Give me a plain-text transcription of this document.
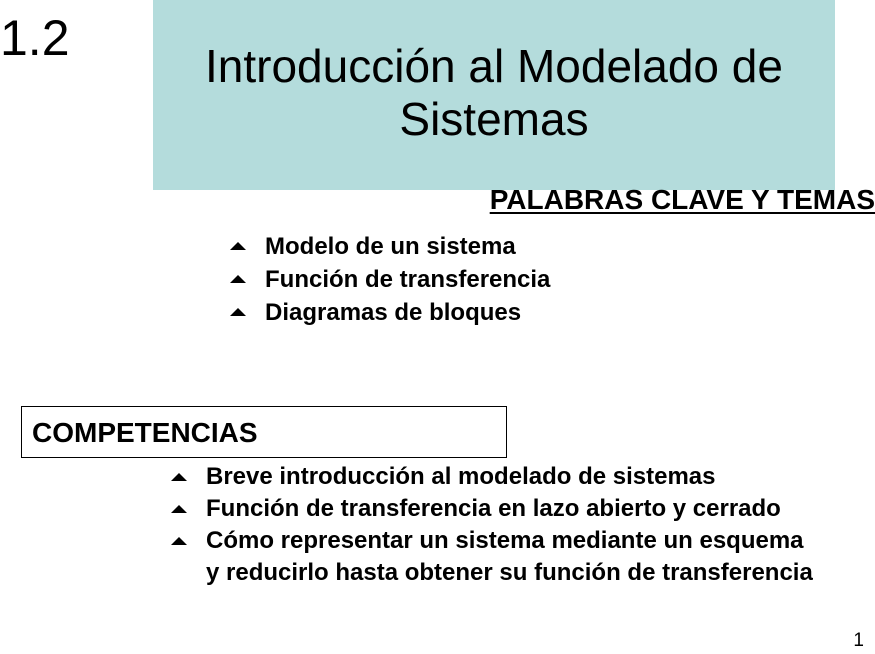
1.2	Introducción al Modelado de
Sistemas
PALABRAS CLAVE Y TEMAS
Modelo de un sistema
Función de transferencia
Diagramas de bloques
COMPETENCIAS
Breve introducción al modelado de sistemas
Función de transferencia en lazo abierto y cerrado
Cómo representar un sistema mediante un esquema
y reducirlo hasta obtener su función de transferencia
1
